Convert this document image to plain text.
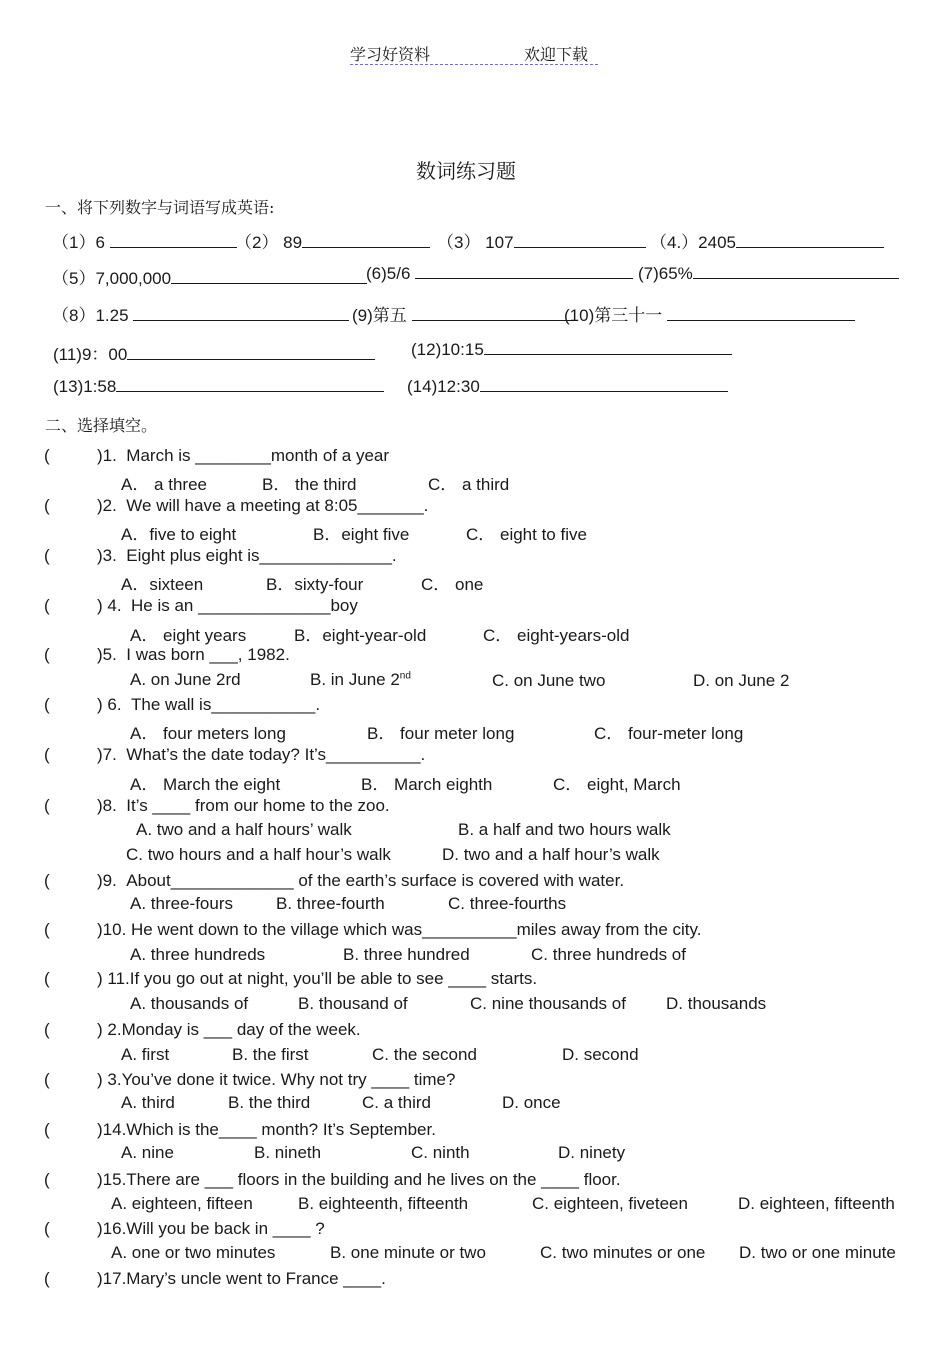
学习好资料	欢迎下载
数词练习题
一、将下列数字与词语写成英语:
（1）6	（2） 89	（3） 107	（4.）2405
（5）7,000,000	(6)5/6	(7)65%
（8）1.25	(9)第五	(10)第三十一
(11)9：00	(12)10:15
(13)1:58	(14)12:30
二、选择填空。
(	)1. March is ________month of a year
A． a three	B． the third	C． a third
(	)2. We will have a meeting at 8:05_______.
A．five to eight	B．eight five	C． eight to five
(	)3. Eight plus eight is______________.
A．sixteen	B．sixty-four	C． one
(	) 4. He is an ______________boy
A． eight years	B．eight-year-old	C． eight-years-old
(	)5. I was born ___, 1982.
A. on June 2rd	B. in June 2nd	C. on June two	D. on June 2
(	) 6. The wall is___________.
A． four meters long	B． four meter long	C． four-meter long
(	)7. What’s the date today? It’s__________.
A． March the eight	B． March eighth	C． eight, March
(	)8. It’s ____ from our home to the zoo.
A. two and a half hours’ walk	B. a half and two hours walk
C. two hours and a half hour’s walk	D. two and a half hour’s walk
(	)9. About_____________ of the earth’s surface is covered with water.
A. three-fours	B. three-fourth	C. three-fourths
(	)10. He went down to the village which was__________miles away from the city.
A. three hundreds	B. three hundred	C. three hundreds of
(	) 11.If you go out at night, you’ll be able to see ____ starts.
A. thousands of	B. thousand of	C. nine thousands of D. thousands
(	) 2.Monday is ___ day of the week.
A. first	B. the first	C. the second	D. second
(	) 3.You’ve done it twice. Why not try ____ time?
A. third	B. the third	C. a third	D. once
(	)14.Which is the____ month? It’s September.
A. nine	B. nineth	C. ninth	D. ninety
(	)15.There are ___ floors in the building and he lives on the ____ floor.
A. eighteen, fifteen	B. eighteenth, fifteenth	C. eighteen, fiveteen	D. eighteen, fifteenth
(	)16.Will you be back in ____ ?
A. one or two minutes	B. one minute or two	C. two minutes or one D. two or one minute
(	)17.Mary’s uncle went to France ____.
